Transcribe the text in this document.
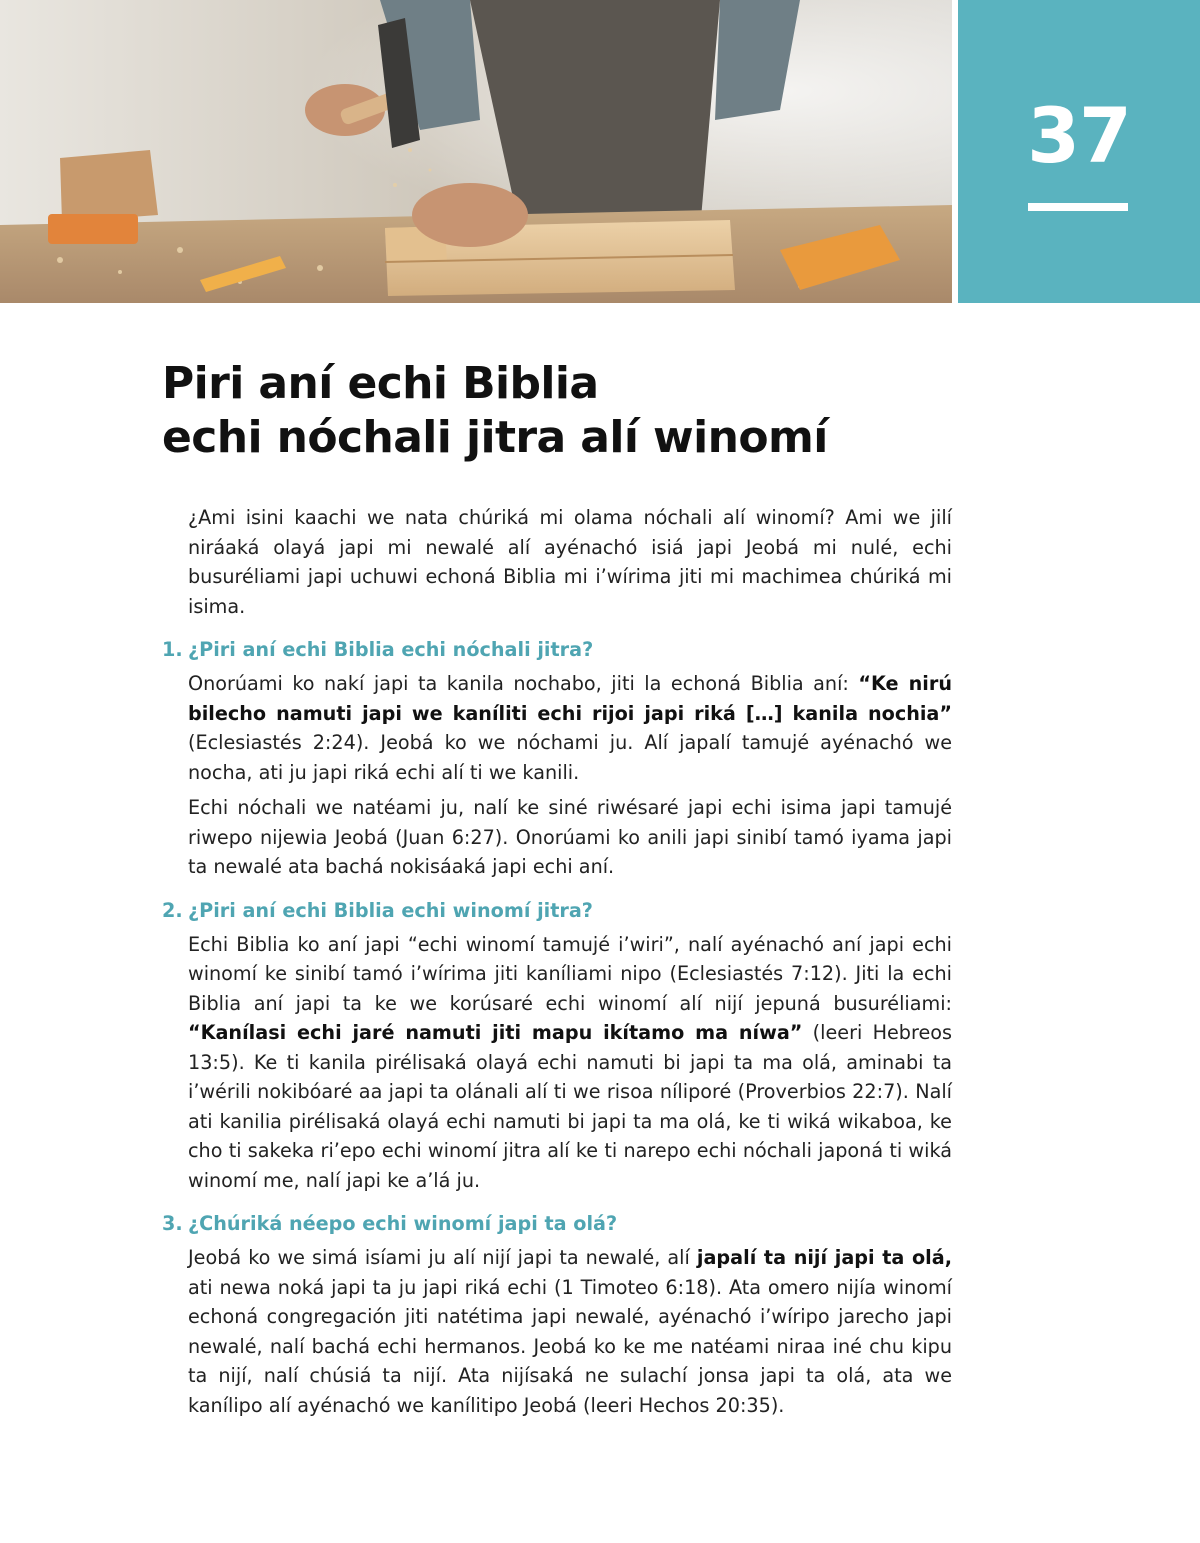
37
Piri aní echi Biblia
echi nóchali jitra alí winomí

¿Ami isini kaachi we nata chúriká mi olama nóchali alí winomí? Ami we jilí niráaká olayá japi mi newalé alí ayénachó isiá japi Jeobá mi nulé, echi busuréliami japi uchuwi echoná Biblia mi i’wírima jiti mi machimea chúriká mi isima.

1. ¿Piri aní echi Biblia echi nóchali jitra?

Onorúami ko nakí japi ta kanila nochabo, jiti la echoná Biblia aní: “Ke nirú bilecho namuti japi we kaníliti echi rijoi japi riká […] kanila nochia” (Eclesiastés 2:24). Jeobá ko we nóchami ju. Alí japalí tamujé ayénachó we nocha, ati ju japi riká echi alí ti we kanili.

Echi nóchali we natéami ju, nalí ke siné riwésaré japi echi isima japi tamujé riwepo nijewia Jeobá (Juan 6:27). Onorúami ko anili japi sinibí tamó iyama japi ta newalé ata bachá nokisáaká japi echi aní.

2. ¿Piri aní echi Biblia echi winomí jitra?

Echi Biblia ko aní japi “echi winomí tamujé i’wiri”, nalí ayénachó aní japi echi winomí ke sinibí tamó i’wírima jiti kaníliami nipo (Eclesiastés 7:12). Jiti la echi Biblia aní japi ta ke we korúsaré echi winomí alí nijí jepuná busuréliami: “Kanílasi echi jaré namuti jiti mapu ikítamo ma níwa” (leeri Hebreos 13:5). Ke ti kanila pirélisaká olayá echi namuti bi japi ta ma olá, aminabi ta i’wérili nokibóaré aa japi ta olánali alí ti we risoa níliporé (Proverbios 22:7). Nalí ati kanilia pirélisaká olayá echi namuti bi japi ta ma olá, ke ti wiká wikaboa, ke cho ti sakeka ri’epo echi winomí jitra alí ke ti narepo echi nóchali japoná ti wiká winomí me, nalí japi ke a’lá ju.

3. ¿Chúriká néepo echi winomí japi ta olá?

Jeobá ko we simá isíami ju alí nijí japi ta newalé, alí japalí ta nijí japi ta olá, ati newa noká japi ta ju japi riká echi (1 Timoteo 6:18). Ata omero nijía winomí echoná congregación jiti natétima japi newalé, ayénachó i’wíripo jarecho japi newalé, nalí bachá echi hermanos. Jeobá ko ke me natéami niraa iné chu kipu ta nijí, nalí chúsiá ta nijí. Ata nijísaká ne sulachí jonsa japi ta olá, ata we kanílipo alí ayénachó we kanílitipo Jeobá (leeri Hechos 20:35).
